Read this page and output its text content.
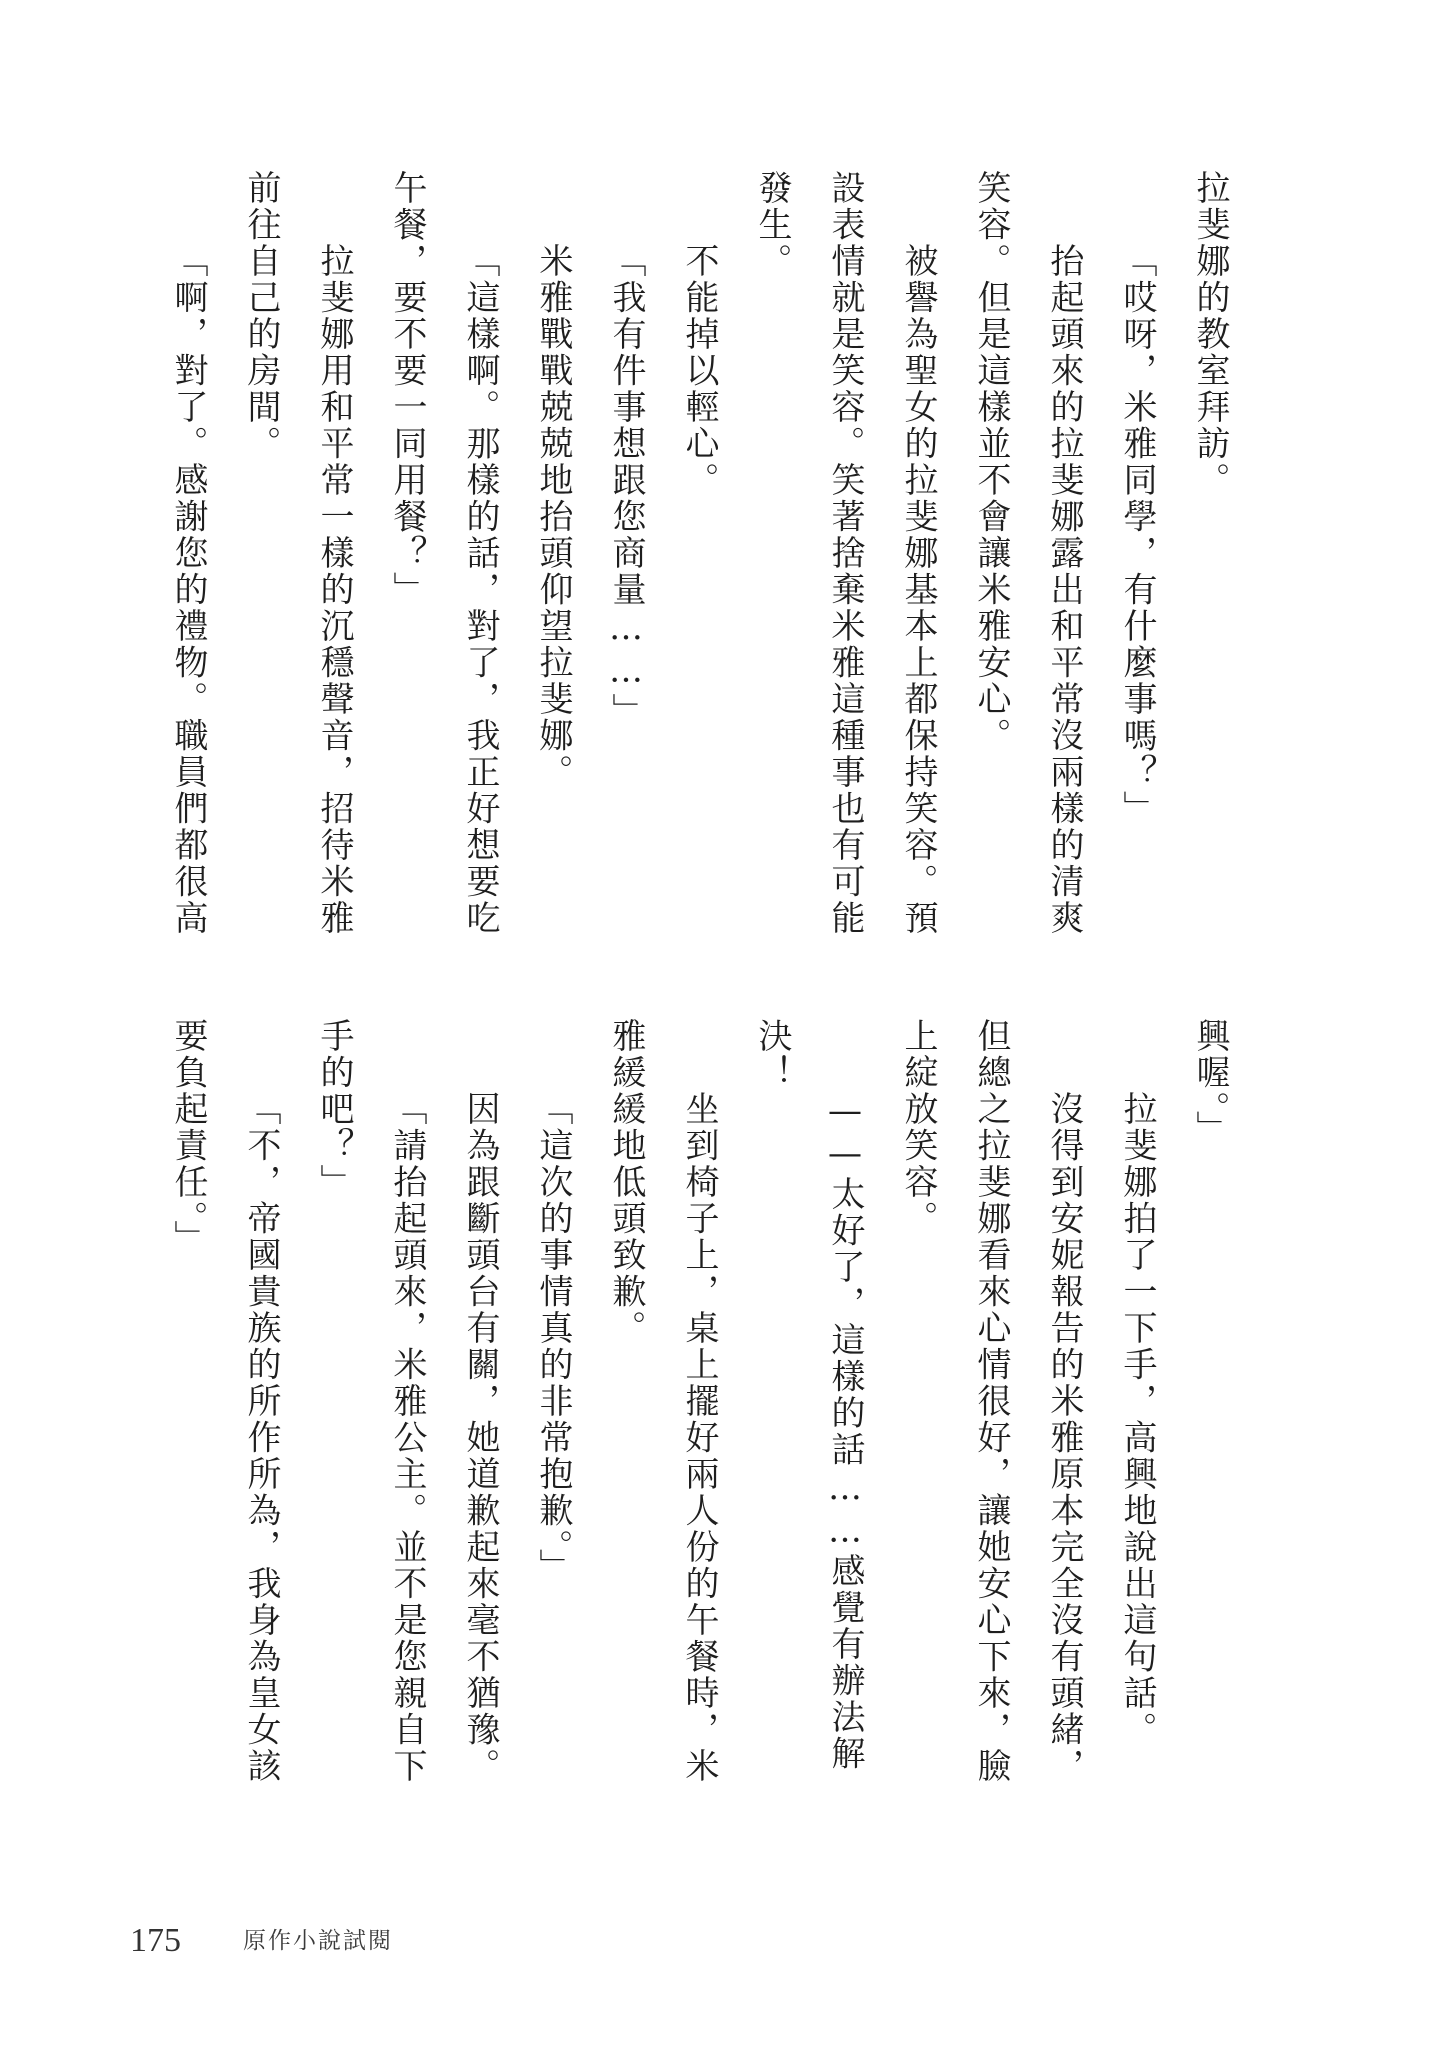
拉斐娜的教室拜訪。
「哎呀，米雅同學，有什麼事嗎？」
抬起頭來的拉斐娜露出和平常沒兩樣的清爽
笑容。但是這樣並不會讓米雅安心。
被譽為聖女的拉斐娜基本上都保持笑容。預
設表情就是笑容。笑著捨棄米雅這種事也有可能
發生。
不能掉以輕心。
「我有件事想跟您商量……」
米雅戰戰兢兢地抬頭仰望拉斐娜。
「這樣啊。那樣的話，對了，我正好想要吃
午餐，要不要一同用餐？」
拉斐娜用和平常一樣的沉穩聲音，招待米雅
前往自己的房間。
「啊，對了。感謝您的禮物。職員們都很高
興喔。」
拉斐娜拍了一下手，高興地說出這句話。
沒得到安妮報告的米雅原本完全沒有頭緒，
但總之拉斐娜看來心情很好，讓她安心下來，臉
上綻放笑容。
——太好了，這樣的話……感覺有辦法解
決！
坐到椅子上，桌上擺好兩人份的午餐時，米
雅緩緩地低頭致歉。
「這次的事情真的非常抱歉。」
因為跟斷頭台有關，她道歉起來毫不猶豫。
「請抬起頭來，米雅公主。並不是您親自下
手的吧？」
「不，帝國貴族的所作所為，我身為皇女該
要負起責任。」
175	原作小說試閱
